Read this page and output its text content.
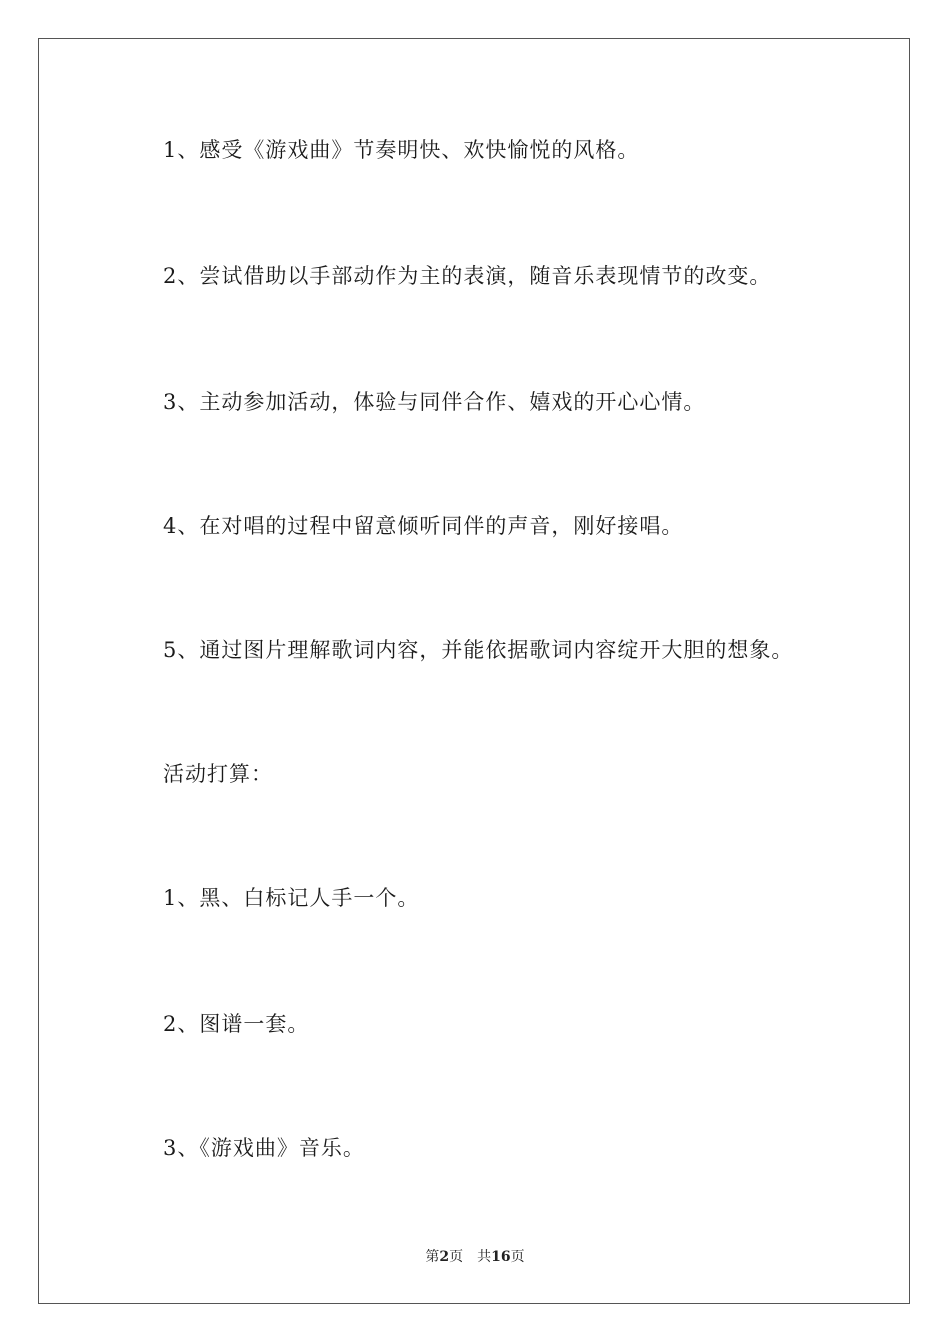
1、感受《游戏曲》节奏明快、欢快愉悦的风格。

2、尝试借助以手部动作为主的表演，随音乐表现情节的改变。

3、主动参加活动，体验与同伴合作、嬉戏的开心心情。

4、在对唱的过程中留意倾听同伴的声音，刚好接唱。

5、通过图片理解歌词内容，并能依据歌词内容绽开大胆的想象。

活动打算：

1、黑、白标记人手一个。

2、图谱一套。

3、《游戏曲》音乐。

第2页 共16页
